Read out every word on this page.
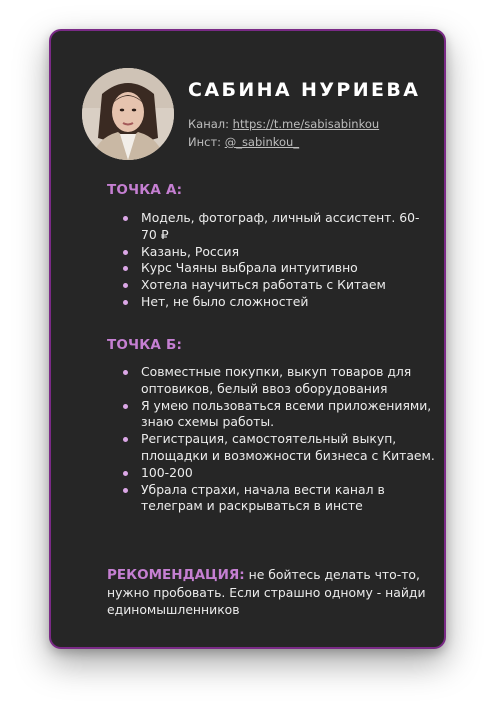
САБИНА НУРИЕВА
Канал: https://t.me/sabisabinkou
Инст: @_sabinkou_
ТОЧКА А:
Модель, фотограф, личный ассистент. 60-70 ₽
Казань, Россия
Курс Чаяны выбрала интуитивно
Хотела научиться работать с Китаем
Нет, не было сложностей
ТОЧКА Б:
Совместные покупки, выкуп товаров для оптовиков, белый ввоз оборудования
Я умею пользоваться всеми приложениями, знаю схемы работы.
Регистрация, самостоятельный выкуп, площадки и возможности бизнеса с Китаем.
100-200
Убрала страхи, начала вести канал в телеграм и раскрываться в инсте
РЕКОМЕНДАЦИЯ: не бойтесь делать что-то, нужно пробовать. Если страшно одному - найди единомышленников
